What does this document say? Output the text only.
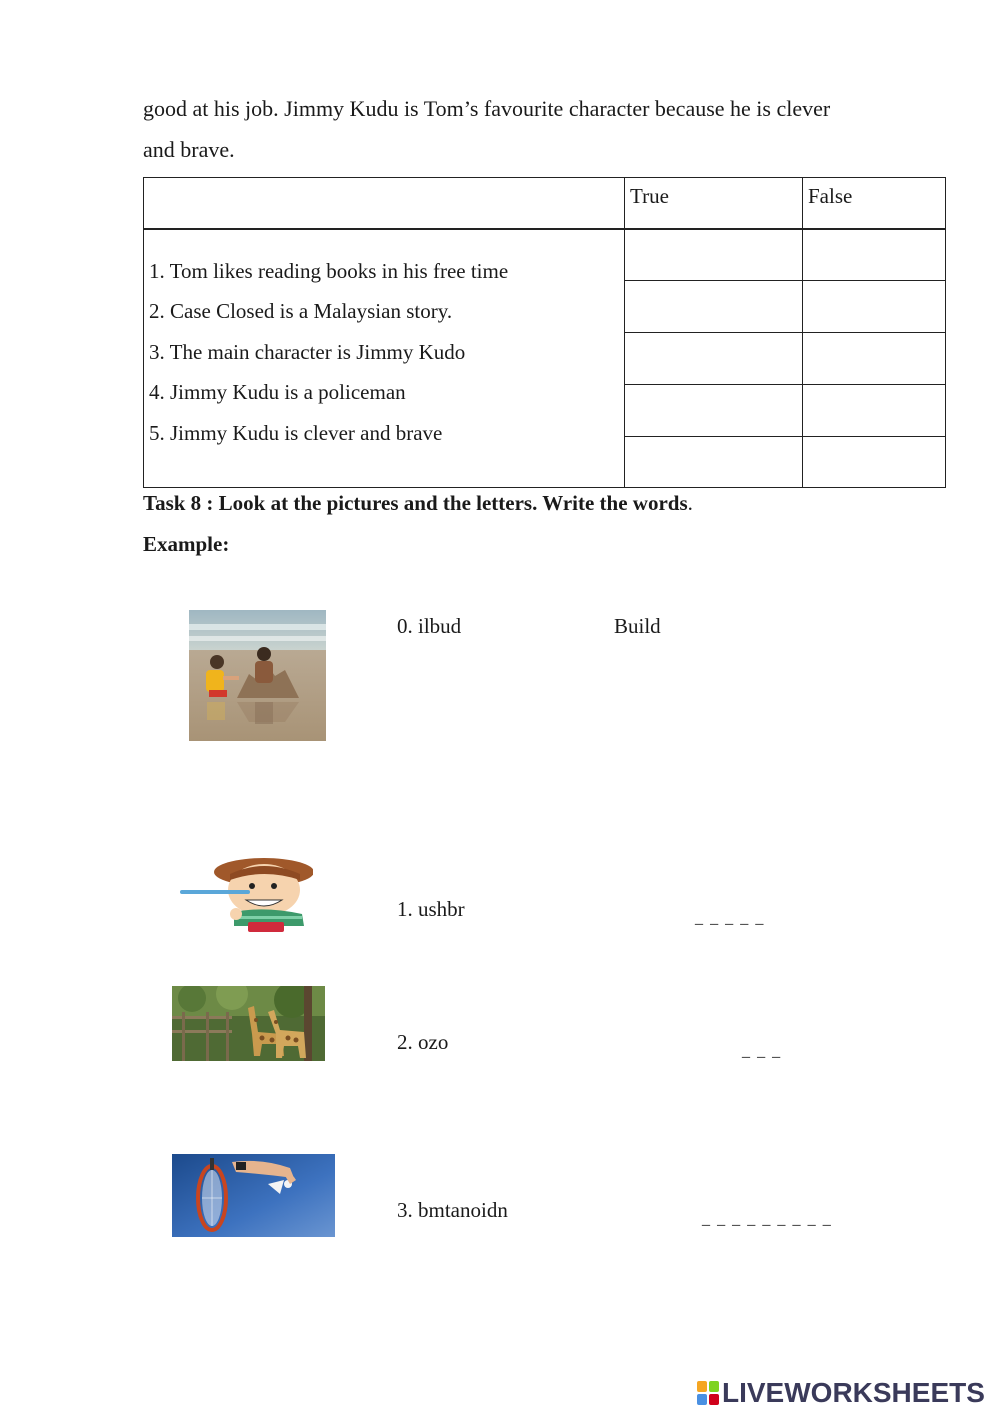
good at his job. Jimmy Kudu is Tom’s favourite character because he is clever
and brave.
True	False
1. Tom likes reading books in his free time
2. Case Closed is a Malaysian story.
3. The main character is Jimmy Kudo
4. Jimmy Kudu is a policeman
5. Jimmy Kudu is clever and brave
Task 8 : Look at the pictures and the letters. Write the words.
Example:
0. ilbud	Build
1. ushbr	_ _ _ _ _
2. ozo	_ _ _
3. bmtanoidn	_ _ _ _ _ _ _ _ _
LIVEWORKSHEETS
